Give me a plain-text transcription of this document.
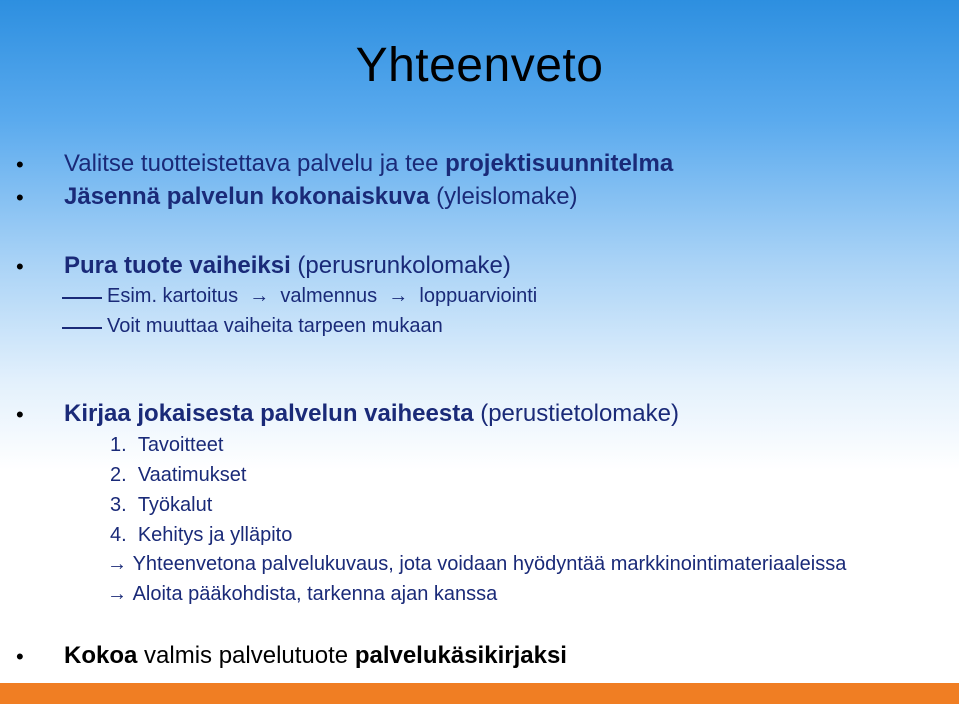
Yhteenveto
• Valitse tuotteistettava palvelu ja tee projektisuunnitelma
• Jäsennä palvelun kokonaiskuva (yleislomake)
• Pura tuote vaiheiksi (perusrunkolomake)
Esim. kartoitus  →  valmennus  →  loppuarviointi
Voit muuttaa vaiheita tarpeen mukaan
• Kirjaa jokaisesta palvelun vaiheesta (perustietolomake)
1. Tavoitteet
2. Vaatimukset
3. Työkalut
4. Kehitys ja ylläpito
→ Yhteenvetona palvelukuvaus, jota voidaan hyödyntää markkinointimateriaaleissa
→ Aloita pääkohdista, tarkenna ajan kanssa
• Kokoa valmis palvelutuote palvelukäsikirjaksi
